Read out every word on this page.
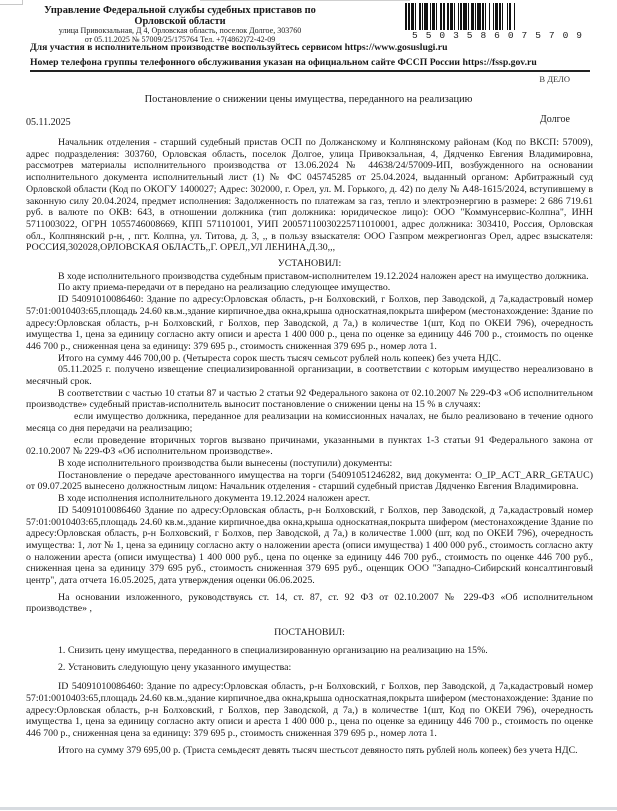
Управление Федеральной службы судебных приставов по Орловской области
улица Привокзальная, Д 4, Орловская область, поселок Долгое, 303760
от 05.11.2025 № 57009/25/175764 Тел. +7(4862)72-42-09	5 5 0 3 5 8 6 0 7 5 7 0 9
Для участия в исполнительном производстве воспользуйтесь сервисом https://www.gosuslugi.ru
Номер телефона группы телефонного обслуживания указан на официальном сайте ФССП России https://fssp.gov.ru
В ДЕЛО
Постановление о снижении цены имущества, переданного на реализацию
05.11.2025	Долгое

Начальник отделения - старший судебный пристав ОСП по Должанскому и Колпнянскому районам (Код по ВКСП: 57009), адрес подразделения: 303760, Орловская область, поселок Долгое, улица Привокзальная, 4, Дядченко Евгения Владимировна, рассмотрев материалы исполнительного производства от 13.06.2024 № 44638/24/57009-ИП, возбужденного на основании исполнительного документа исполнительный лист (1) № ФС 045745285 от 25.04.2024, выданный органом: Арбитражный суд Орловской области (Код по ОКОГУ 1400027; Адрес: 302000, г. Орел, ул. М. Горького, д. 42) по делу № А48-1615/2024, вступившему в законную силу 20.04.2024, предмет исполнения: Задолженность по платежам за газ, тепло и электроэнергию в размере: 2 686 719.61 руб. в валюте по ОКВ: 643, в отношении должника (тип должника: юридическое лицо): ООО "Коммунсервис-Колпна", ИНН 5711003022, ОГРН 1055746008669, КПП 571101001, УИП 20057110030225711010001, адрес должника: 303410, Россия, Орловская обл., Колпнянский р-н, , пгт. Колпна, ул. Титова, д. 3, ,, в пользу взыскателя: ООО Газпром межрегионгаз Орел, адрес взыскателя: РОССИЯ,302028,ОРЛОВСКАЯ ОБЛАСТЬ,,Г. ОРЕЛ,,УЛ ЛЕНИНА,Д.30,,,

УСТАНОВИЛ:

В ходе исполнительного производства судебным приставом-исполнителем 19.12.2024 наложен арест на имущество должника.

По акту приема-передачи от в передано на реализацию следующее имущество.

ID 54091010086460: Здание по адресу:Орловская область, р-н Болховский, г Болхов, пер Заводской, д 7а,кадастровый номер 57:01:0010403:65,площадь 24.60 кв.м.,здание кирпичное,два окна,крыша односкатная,покрыта шифером (местонахождение: Здание по адресу:Орловская область, р-н Болховский, г Болхов, пер Заводской, д 7а,) в количестве 1(шт, Код по ОКЕИ 796), очередность имущества 1, цена за единицу согласно акту описи и ареста 1 400 000 р., цена по оценке за единицу 446 700 р., стоимость по оценке 446 700 р., сниженная цена за единицу: 379 695 р., стоимость сниженная 379 695 р., номер лота 1.

Итого на сумму 446 700,00 р. (Четыреста сорок шесть тысяч семьсот рублей ноль копеек) без учета НДС.

05.11.2025 г. получено извещение специализированной организации, в соответствии с которым имущество нереализовано в месячный срок.

В соответствии с частью 10 статьи 87 и частью 2 статьи 92 Федерального закона от 02.10.2007 № 229-ФЗ «Об исполнительном производстве» судебный пристав-исполнитель выносит постановление о снижении цены на 15 % в случаях:

если имущество должника, переданное для реализации на комиссионных началах, не было реализовано в течение одного месяца со дня передачи на реализацию;

если проведение вторичных торгов вызвано причинами, указанными в пунктах 1-3 статьи 91 Федерального закона от 02.10.2007 № 229-ФЗ «Об исполнительном производстве».

В ходе исполнительного производства были вынесены (поступили) документы:

Постановление о передаче арестованного имущества на торги (54091051246282, вид документа: O_IP_ACT_ARR_GETAUC) от 09.07.2025 вынесено должностным лицом: Начальник отделения - старший судебный пристав Дядченко Евгения Владимировна.

В ходе исполнения исполнительного документа 19.12.2024 наложен арест.

ID 54091010086460 Здание по адресу:Орловская область, р-н Болховский, г Болхов, пер Заводской, д 7а,кадастровый номер 57:01:0010403:65,площадь 24.60 кв.м.,здание кирпичное,два окна,крыша односкатная,покрыта шифером (местонахождение Здание по адресу:Орловская область, р-н Болховский, г Болхов, пер Заводской, д 7а,) в количестве 1.000 (шт, код по ОКЕИ 796), очередность имущества: 1, лот № 1, цена за единицу согласно акту о наложении ареста (описи имущества) 1 400 000 руб., стоимость согласно акту о наложении ареста (описи имущества) 1 400 000 руб., цена по оценке за единицу 446 700 руб., стоимость по оценке 446 700 руб., сниженная цена за единицу 379 695 руб., стоимость сниженная 379 695 руб., оценщик ООО "Западно-Сибирский консалтинговый центр", дата отчета 16.05.2025, дата утверждения оценки 06.06.2025.

На основании изложенного, руководствуясь ст. 14, ст. 87, ст. 92 ФЗ от 02.10.2007 № 229-ФЗ «Об исполнительном производстве» ,

ПОСТАНОВИЛ:

1. Снизить цену имущества, переданного в специализированную организацию на реализацию на 15%.

2. Установить следующую цену указанного имущества:

ID 54091010086460: Здание по адресу:Орловская область, р-н Болховский, г Болхов, пер Заводской, д 7а,кадастровый номер 57:01:0010403:65,площадь 24.60 кв.м.,здание кирпичное,два окна,крыша односкатная,покрыта шифером (местонахождение: Здание по адресу:Орловская область, р-н Болховский, г Болхов, пер Заводской, д 7а,) в количестве 1(шт, Код по ОКЕИ 796), очередность имущества 1, цена за единицу согласно акту описи и ареста 1 400 000 р., цена по оценке за единицу 446 700 р., стоимость по оценке 446 700 р., сниженная цена за единицу: 379 695 р., стоимость сниженная 379 695 р., номер лота 1.

Итого на сумму 379 695,00 р. (Триста семьдесят девять тысяч шестьсот девяносто пять рублей ноль копеек) без учета НДС.
